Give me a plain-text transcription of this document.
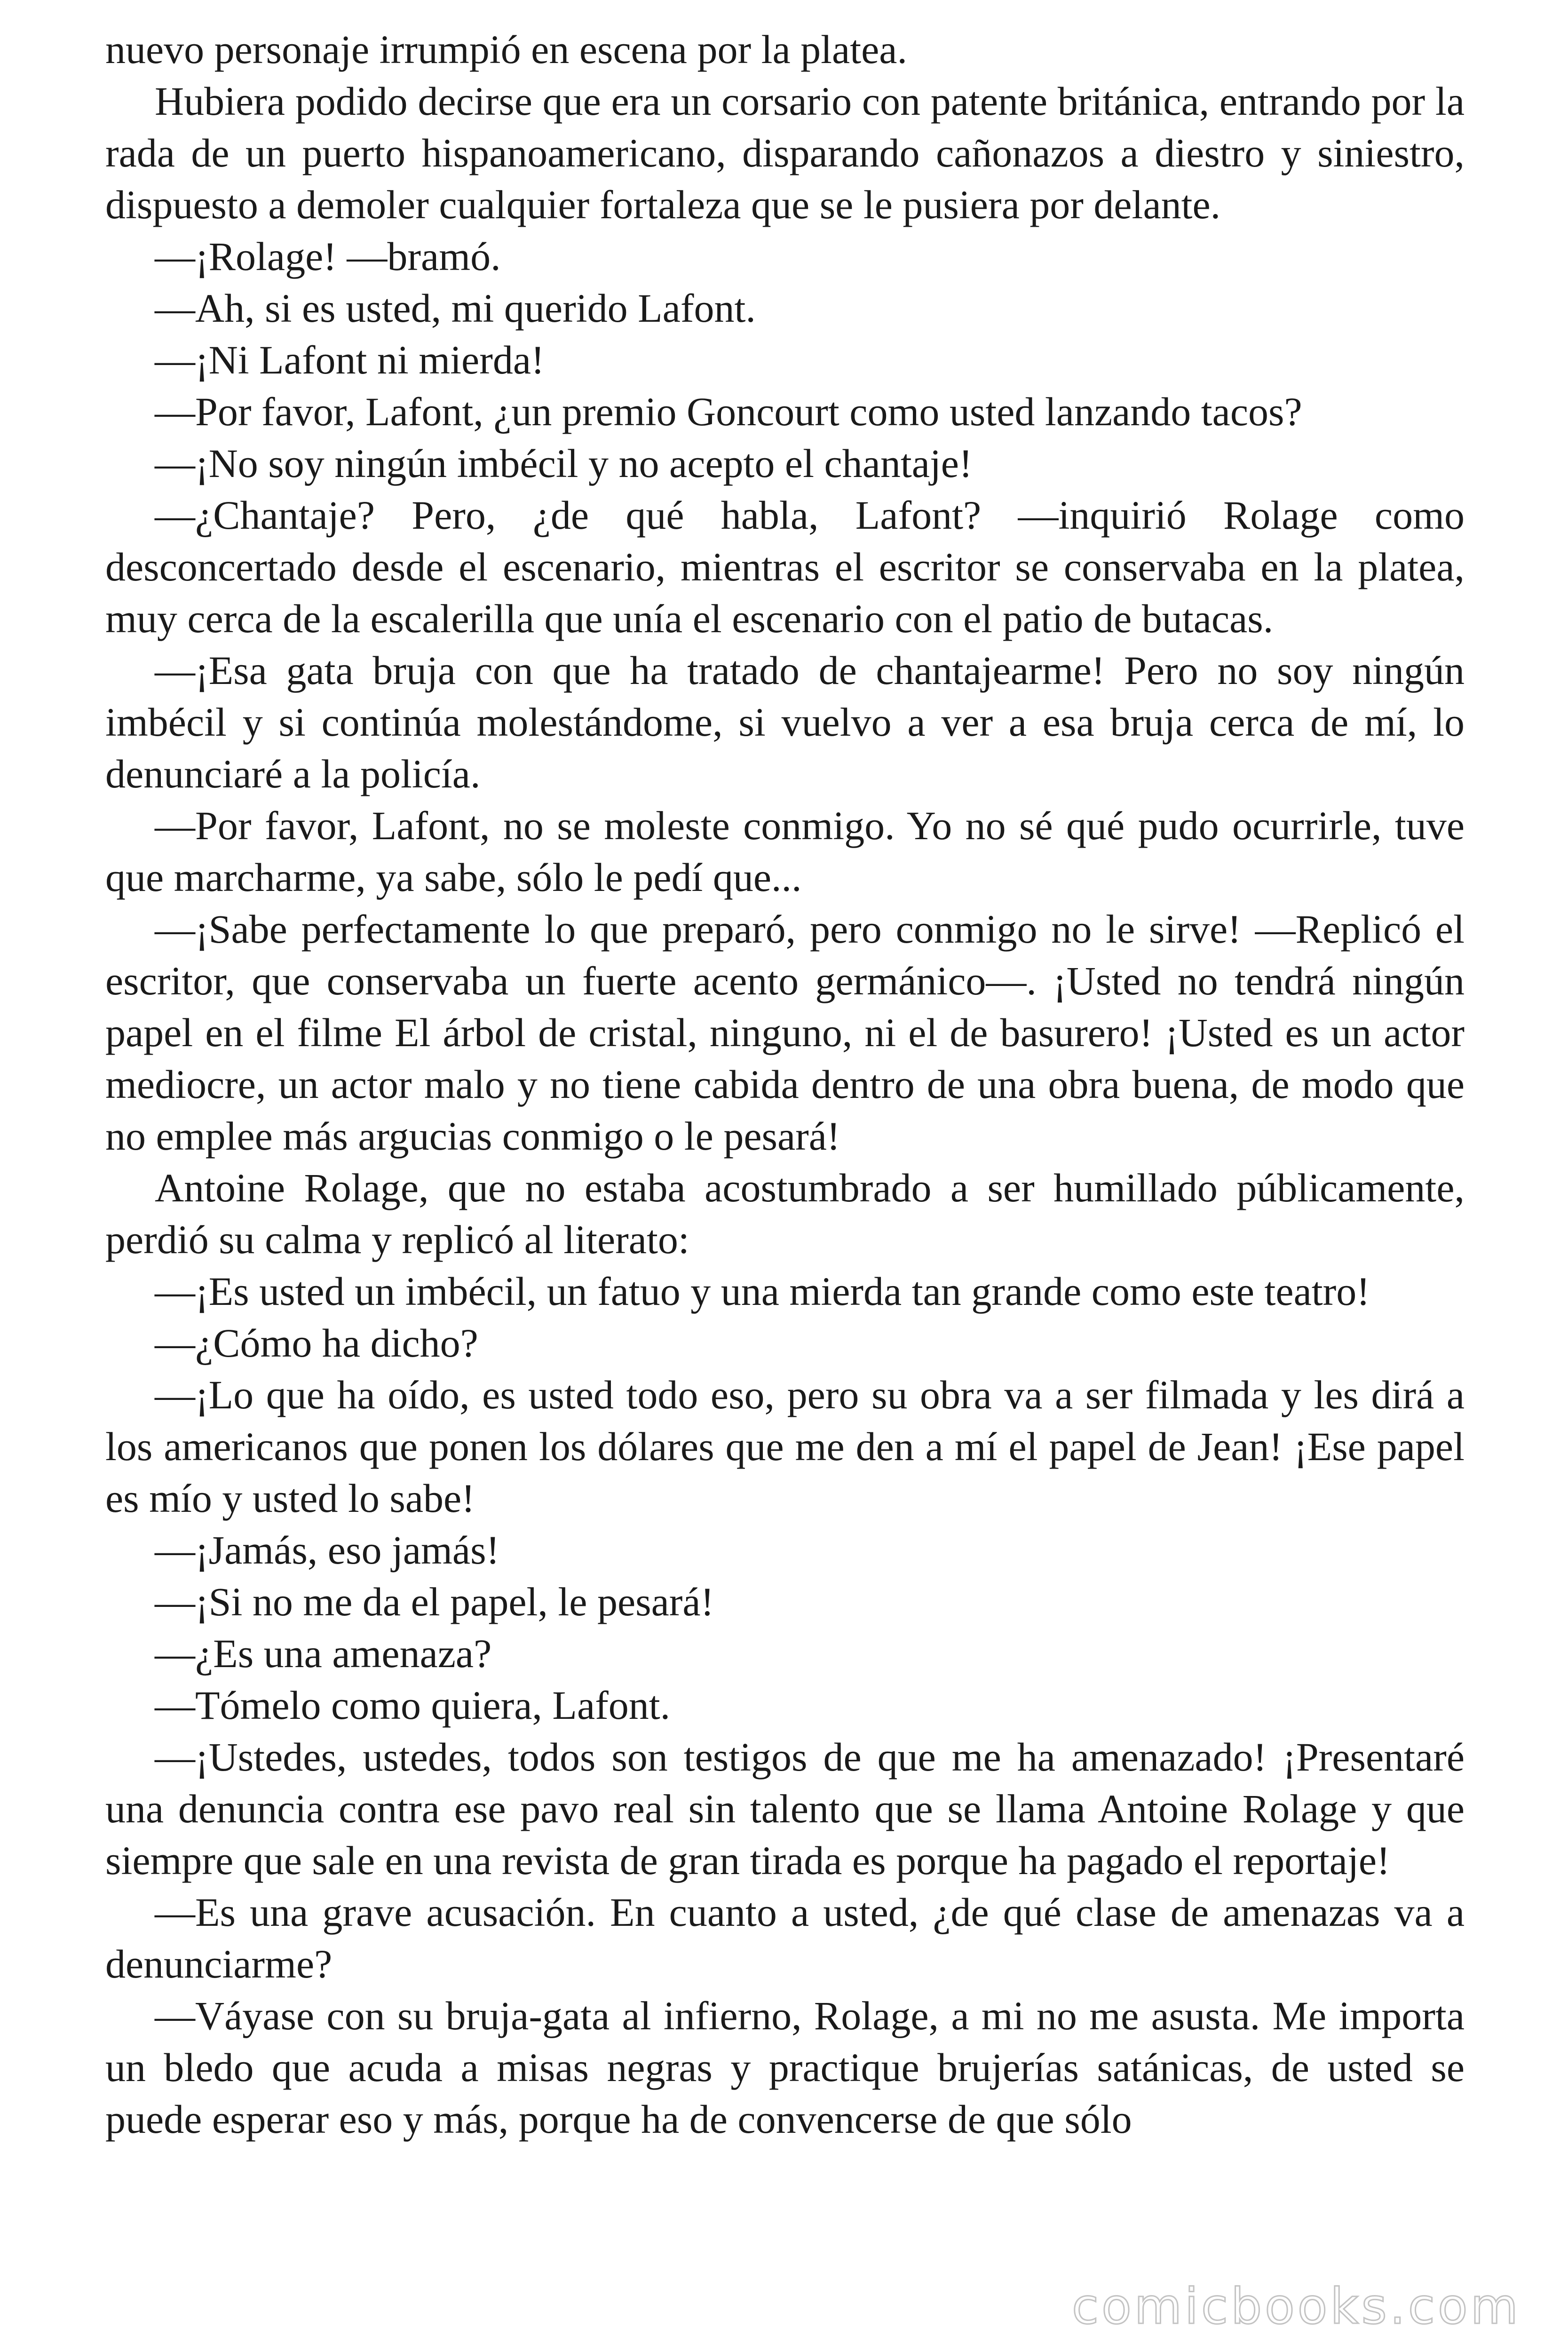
nuevo personaje irrumpió en escena por la platea.

Hubiera podido decirse que era un corsario con patente británica, entrando por la rada de un puerto hispanoamericano, disparando cañonazos a diestro y siniestro, dispuesto a demoler cualquier fortaleza que se le pusiera por delante.

—¡Rolage! —bramó.

—Ah, si es usted, mi querido Lafont.

—¡Ni Lafont ni mierda!

—Por favor, Lafont, ¿un premio Goncourt como usted lanzando tacos?

—¡No soy ningún imbécil y no acepto el chantaje!

—¿Chantaje? Pero, ¿de qué habla, Lafont? —inquirió Rolage como desconcertado desde el escenario, mientras el escritor se conservaba en la platea, muy cerca de la escalerilla que unía el escenario con el patio de butacas.

—¡Esa gata bruja con que ha tratado de chantajearme! Pero no soy ningún imbécil y si continúa molestándome, si vuelvo a ver a esa bruja cerca de mí, lo denunciaré a la policía.

—Por favor, Lafont, no se moleste conmigo. Yo no sé qué pudo ocurrirle, tuve que marcharme, ya sabe, sólo le pedí que...

—¡Sabe perfectamente lo que preparó, pero conmigo no le sirve! —Replicó el escritor, que conservaba un fuerte acento germánico—. ¡Usted no tendrá ningún papel en el filme El árbol de cristal, ninguno, ni el de basurero! ¡Usted es un actor mediocre, un actor malo y no tiene cabida dentro de una obra buena, de modo que no emplee más argucias conmigo o le pesará!

Antoine Rolage, que no estaba acostumbrado a ser humillado públicamente, perdió su calma y replicó al literato:

—¡Es usted un imbécil, un fatuo y una mierda tan grande como este teatro!

—¿Cómo ha dicho?

—¡Lo que ha oído, es usted todo eso, pero su obra va a ser filmada y les dirá a los americanos que ponen los dólares que me den a mí el papel de Jean! ¡Ese papel es mío y usted lo sabe!

—¡Jamás, eso jamás!

—¡Si no me da el papel, le pesará!

—¿Es una amenaza?

—Tómelo como quiera, Lafont.

—¡Ustedes, ustedes, todos son testigos de que me ha amenazado! ¡Presentaré una denuncia contra ese pavo real sin talento que se llama Antoine Rolage y que siempre que sale en una revista de gran tirada es porque ha pagado el reportaje!

—Es una grave acusación. En cuanto a usted, ¿de qué clase de amenazas va a denunciarme?

—Váyase con su bruja-gata al infierno, Rolage, a mi no me asusta. Me importa un bledo que acuda a misas negras y practique brujerías satánicas, de usted se puede esperar eso y más, porque ha de convencerse de que sólo

comicbooks.com
